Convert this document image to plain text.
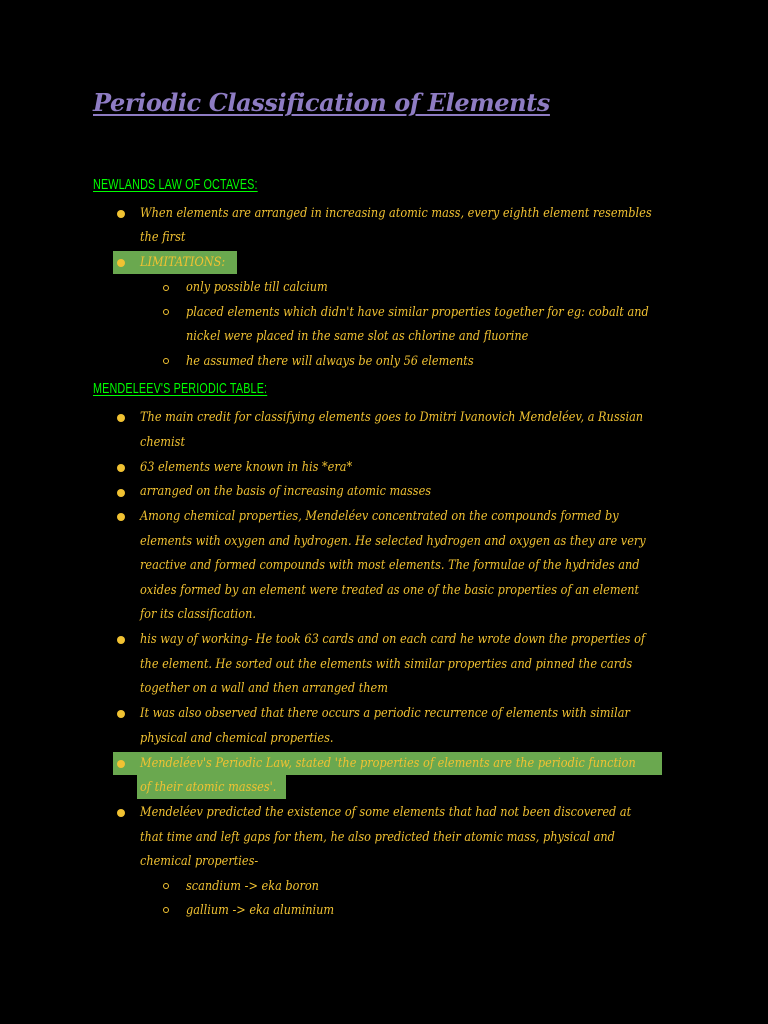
Periodic Classification of Elements
NEWLANDS LAW OF OCTAVES:
When elements are arranged in increasing atomic mass, every eighth element resembles
the first
LIMITATIONS:
only possible till calcium
placed elements which didn't have similar properties together for eg: cobalt and
nickel were placed in the same slot as chlorine and fluorine
he assumed there will always be only 56 elements
MENDELEEV'S PERIODIC TABLE:
The main credit for classifying elements goes to Dmitri Ivanovich Mendeléev, a Russian
chemist
63 elements were known in his *era*
arranged on the basis of increasing atomic masses
Among chemical properties, Mendeléev concentrated on the compounds formed by
elements with oxygen and hydrogen. He selected hydrogen and oxygen as they are very
reactive and formed compounds with most elements. The formulae of the hydrides and
oxides formed by an element were treated as one of the basic properties of an element
for its classification.
his way of working- He took 63 cards and on each card he wrote down the properties of
the element. He sorted out the elements with similar properties and pinned the cards
together on a wall and then arranged them
It was also observed that there occurs a periodic recurrence of elements with similar
physical and chemical properties.
Mendeléev's Periodic Law, stated 'the properties of elements are the periodic function
of their atomic masses'.
Mendeléev predicted the existence of some elements that had not been discovered at
that time and left gaps for them, he also predicted their atomic mass, physical and
chemical properties-
scandium -> eka boron
gallium -> eka aluminium
